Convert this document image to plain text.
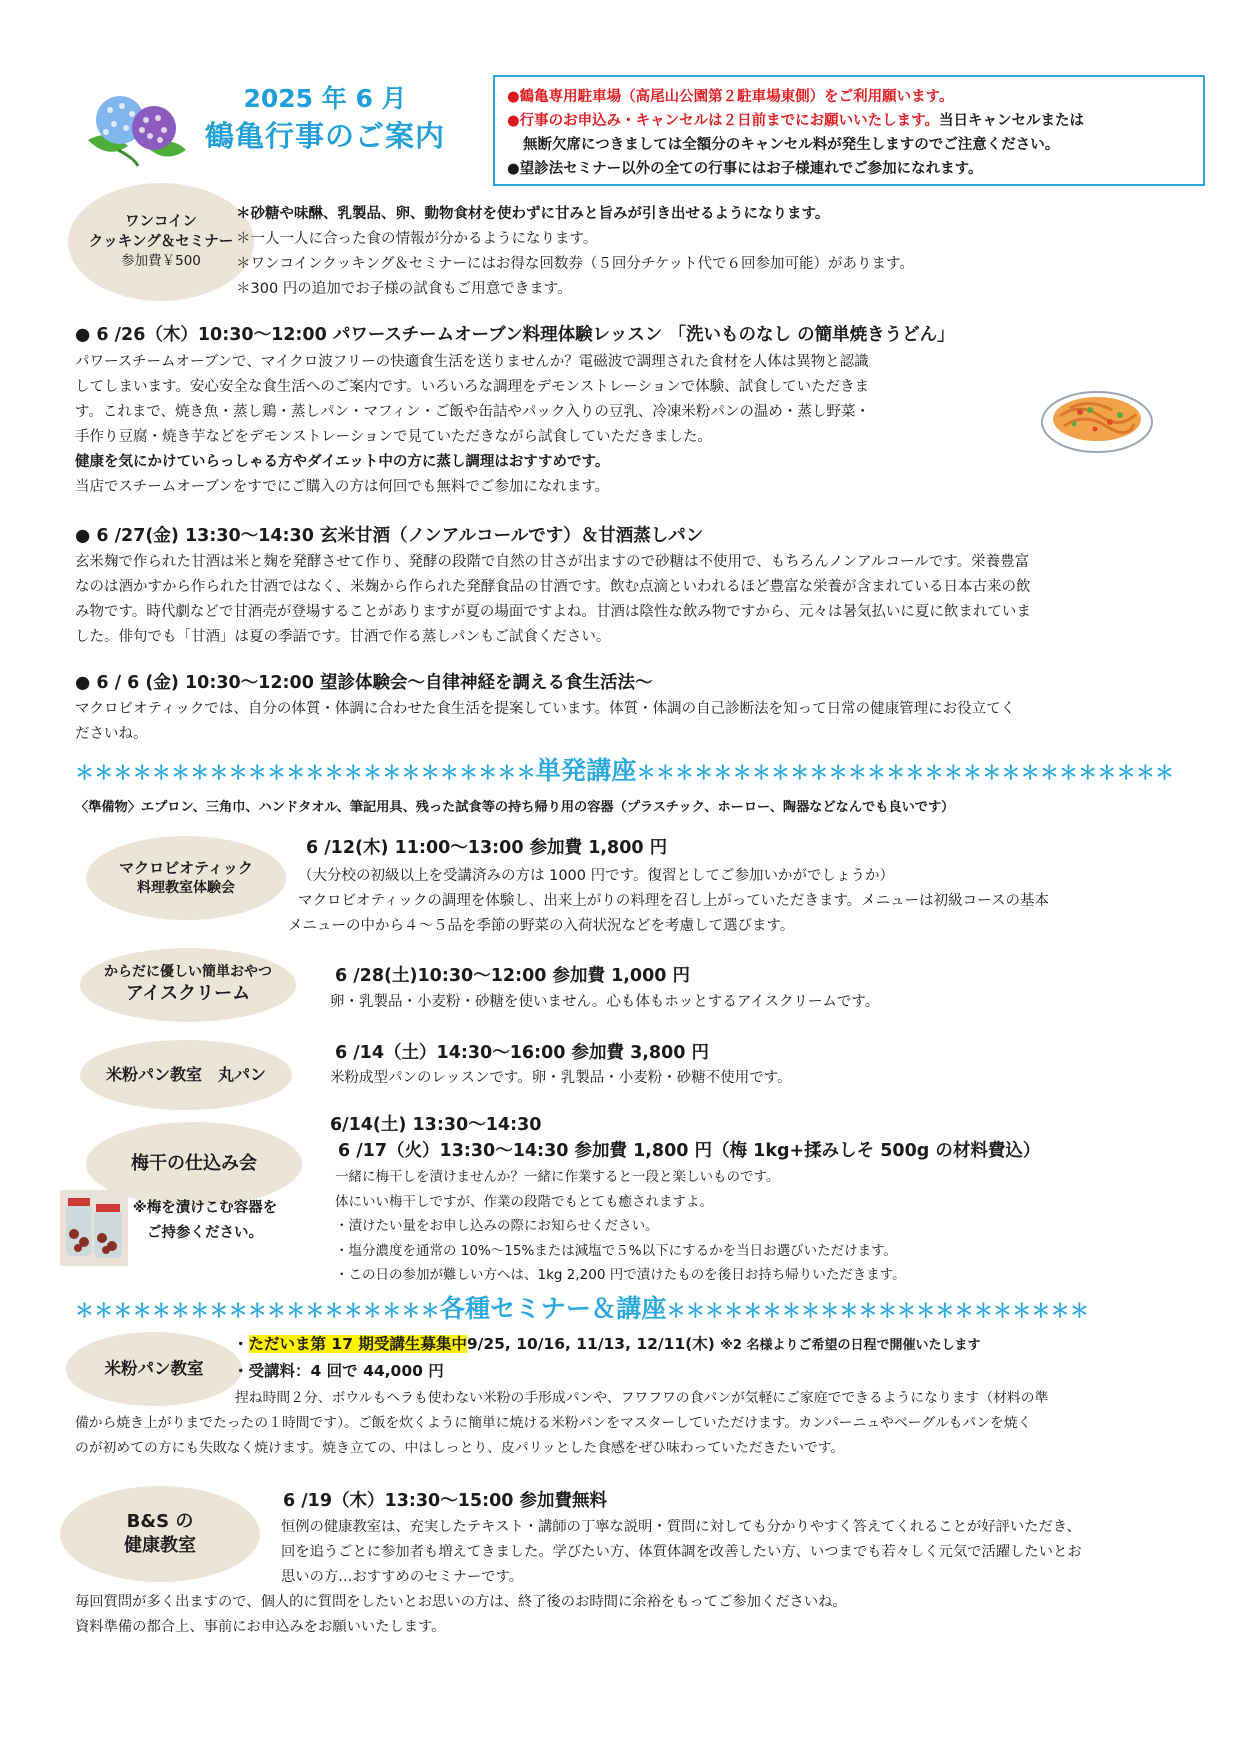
2025 年 6 月
鶴亀行事のご案内
●鶴亀専用駐車場（高尾山公園第２駐車場東側）をご利用願います。
●行事のお申込み・キャンセルは２日前までにお願いいたします。当日キャンセルまたは
無断欠席につきましては全額分のキャンセル料が発生しますのでご注意ください。
●望診法セミナー以外の全ての行事にはお子様連れでご参加になれます。
ワンコイン
クッキング＆セミナー
参加費￥500
＊砂糖や味醂、乳製品、卵、動物食材を使わずに甘みと旨みが引き出せるようになります。
＊一人一人に合った食の情報が分かるようになります。
＊ワンコインクッキング＆セミナーにはお得な回数券（５回分チケット代で６回参加可能）があります。
＊300 円の追加でお子様の試食もご用意できます。
● 6 /26（木）10:30～12:00 パワースチームオーブン料理体験レッスン 「洗いものなし の簡単焼きうどん」
パワースチームオーブンで、マイクロ波フリーの快適食生活を送りませんか？電磁波で調理された食材を人体は異物と認識
してしまいます。安心安全な食生活へのご案内です。いろいろな調理をデモンストレーションで体験、試食していただきま
す。これまで、焼き魚・蒸し鶏・蒸しパン・マフィン・ご飯や缶詰やパック入りの豆乳、冷凍米粉パンの温め・蒸し野菜・
手作り豆腐・焼き芋などをデモンストレーションで見ていただきながら試食していただきました。
健康を気にかけていらっしゃる方やダイエット中の方に蒸し調理はおすすめです。
当店でスチームオーブンをすでにご購入の方は何回でも無料でご参加になれます。
● 6 /27(金) 13:30～14:30 玄米甘酒（ノンアルコールです）＆甘酒蒸しパン
玄米麹で作られた甘酒は米と麹を発酵させて作り、発酵の段階で自然の甘さが出ますので砂糖は不使用で、もちろんノンアルコールです。栄養豊富
なのは酒かすから作られた甘酒ではなく、米麹から作られた発酵食品の甘酒です。飲む点滴といわれるほど豊富な栄養が含まれている日本古来の飲
み物です。時代劇などで甘酒売が登場することがありますが夏の場面ですよね。甘酒は陰性な飲み物ですから、元々は暑気払いに夏に飲まれていま
した。俳句でも「甘酒」は夏の季語です。甘酒で作る蒸しパンもご試食ください。
● 6 / 6 (金) 10:30～12:00 望診体験会～自律神経を調える食生活法～
マクロビオティックでは、自分の体質・体調に合わせた食生活を提案しています。体質・体調の自己診断法を知って日常の健康管理にお役立てく
ださいね。
＊＊＊＊＊＊＊＊＊＊＊＊＊＊＊＊＊＊＊＊＊＊＊＊単発講座＊＊＊＊＊＊＊＊＊＊＊＊＊＊＊＊＊＊＊＊＊＊＊＊＊＊＊＊
〈準備物〉エプロン、三角巾、ハンドタオル、筆記用具、残った試食等の持ち帰り用の容器（プラスチック、ホーロー、陶器などなんでも良いです）
マクロビオティック
料理教室体験会
6 /12(木) 11:00～13:00 参加費 1,800 円
（大分校の初級以上を受講済みの方は 1000 円です。復習としてご参加いかがでしょうか）
マクロビオティックの調理を体験し、出来上がりの料理を召し上がっていただきます。メニューは初級コースの基本
メニューの中から４～５品を季節の野菜の入荷状況などを考慮して選びます。
からだに優しい簡単おやつ
アイスクリーム
6 /28(土)10:30～12:00 参加費 1,000 円
卵・乳製品・小麦粉・砂糖を使いません。心も体もホッとするアイスクリームです。
米粉パン教室　丸パン
6 /14（土）14:30～16:00 参加費 3,800 円
米粉成型パンのレッスンです。卵・乳製品・小麦粉・砂糖不使用です。
梅干の仕込み会
※梅を漬けこむ容器を
ご持参ください。
6/14(土) 13:30～14:30
6 /17（火）13:30～14:30 参加費 1,800 円（梅 1kg+揉みしそ 500g の材料費込）
一緒に梅干しを漬けませんか？一緒に作業すると一段と楽しいものです。
体にいい梅干しですが、作業の段階でもとても癒されますよ。
・漬けたい量をお申し込みの際にお知らせください。
・塩分濃度を通常の 10%～15%または減塩で５%以下にするかを当日お選びいただけます。
・この日の参加が難しい方へは、1kg 2,200 円で漬けたものを後日お持ち帰りいただきます。
＊＊＊＊＊＊＊＊＊＊＊＊＊＊＊＊＊＊＊各種セミナー＆講座＊＊＊＊＊＊＊＊＊＊＊＊＊＊＊＊＊＊＊＊＊＊
米粉パン教室
・ただいま第 17 期受講生募集中9/25, 10/16, 11/13, 12/11(木) ※2 名様よりご希望の日程で開催いたします
・受講料：4 回で 44,000 円
捏ね時間２分、ボウルもヘラも使わない米粉の手形成パンや、フワフワの食パンが気軽にご家庭でできるようになります（材料の準
備から焼き上がりまでたったの１時間です）。ご飯を炊くように簡単に焼ける米粉パンをマスターしていただけます。カンパーニュやベーグルもパンを焼く
のが初めての方にも失敗なく焼けます。焼き立ての、中はしっとり、皮パリッとした食感をぜひ味わっていただきたいです。
B&S の
健康教室
6 /19（木）13:30～15:00 参加費無料
恒例の健康教室は、充実したテキスト・講師の丁寧な説明・質問に対しても分かりやすく答えてくれることが好評いただき、
回を追うごとに参加者も増えてきました。学びたい方、体質体調を改善したい方、いつまでも若々しく元気で活躍したいとお
思いの方…おすすめのセミナーです。
毎回質問が多く出ますので、個人的に質問をしたいとお思いの方は、終了後のお時間に余裕をもってご参加くださいね。
資料準備の都合上、事前にお申込みをお願いいたします。
